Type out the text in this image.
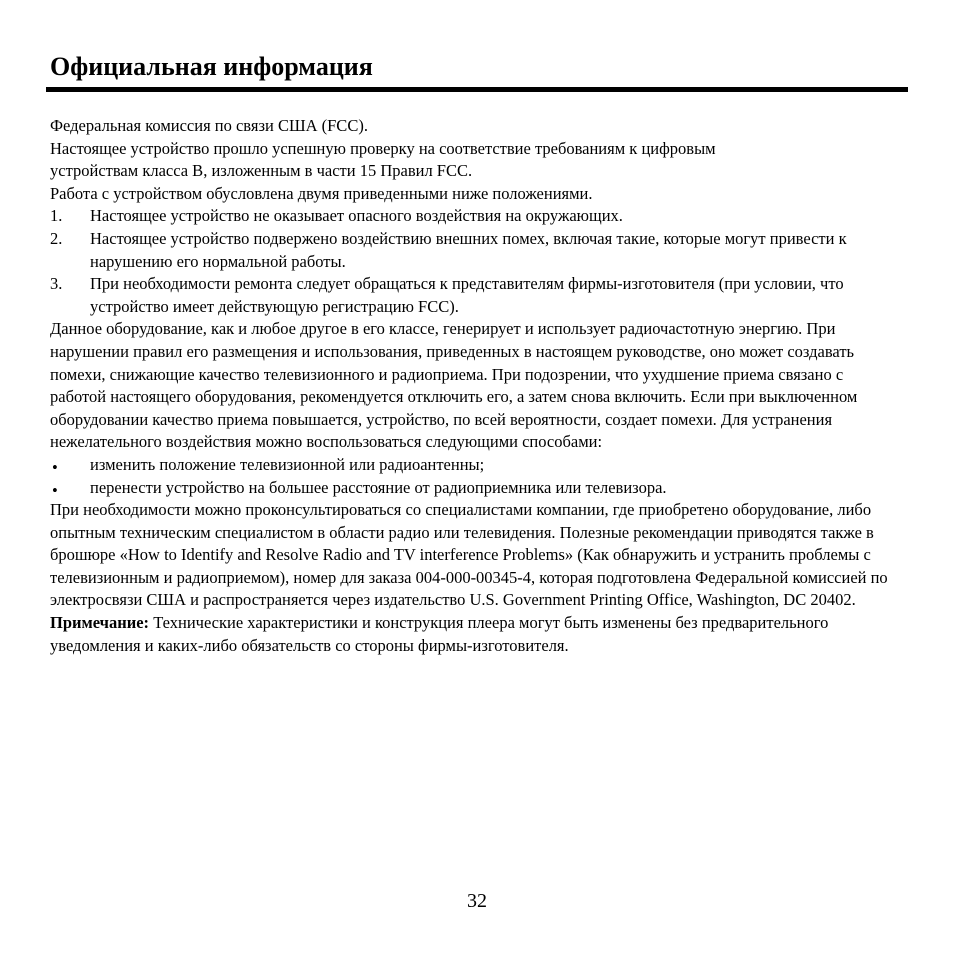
Официальная информация

Федеральная комиссия по связи США (FCC).

Настоящее устройство прошло успешную проверку на соответствие требованиям к цифровым

устройствам класса В, изложенным в части 15 Правил FCC.

Работа с устройством обусловлена двумя приведенными ниже положениями.

1. Настоящее устройство не оказывает опасного воздействия на окружающих.
2. Настоящее устройство подвержено воздействию внешних помех, включая такие, которые могут привести к нарушению его нормальной работы.
3. При необходимости ремонта следует обращаться к представителям фирмы-изготовителя (при условии, что устройство имеет действующую регистрацию FCC).

Данное оборудование, как и любое другое в его классе, генерирует и использует радиочастотную энергию. При нарушении правил его размещения и использования, приведенных в настоящем руководстве, оно может создавать помехи, снижающие качество телевизионного и радиоприема. При подозрении, что ухудшение приема связано с работой настоящего оборудования, рекомендуется отключить его, а затем снова включить. Если при выключенном оборудовании качество приема повышается, устройство, по всей вероятности, создает помехи. Для устранения нежелательного воздействия можно воспользоваться следующими способами:

• изменить положение телевизионной или радиоантенны;
• перенести устройство на большее расстояние от радиоприемника или телевизора.

При необходимости можно проконсультироваться со специалистами компании, где приобретено оборудование, либо опытным техническим специалистом в области радио или телевидения. Полезные рекомендации приводятся также в брошюре «How to Identify and Resolve Radio and TV interference Problems» (Как обнаружить и устранить проблемы с телевизионным и радиоприемом), номер для заказа 004-000-00345-4, которая подготовлена Федеральной комиссией по электросвязи США и распространяется через издательство U.S. Government Printing Office, Washington, DC 20402.

Примечание: Технические характеристики и конструкция плеера могут быть изменены без предварительного уведомления и каких-либо обязательств со стороны фирмы-изготовителя.

32
